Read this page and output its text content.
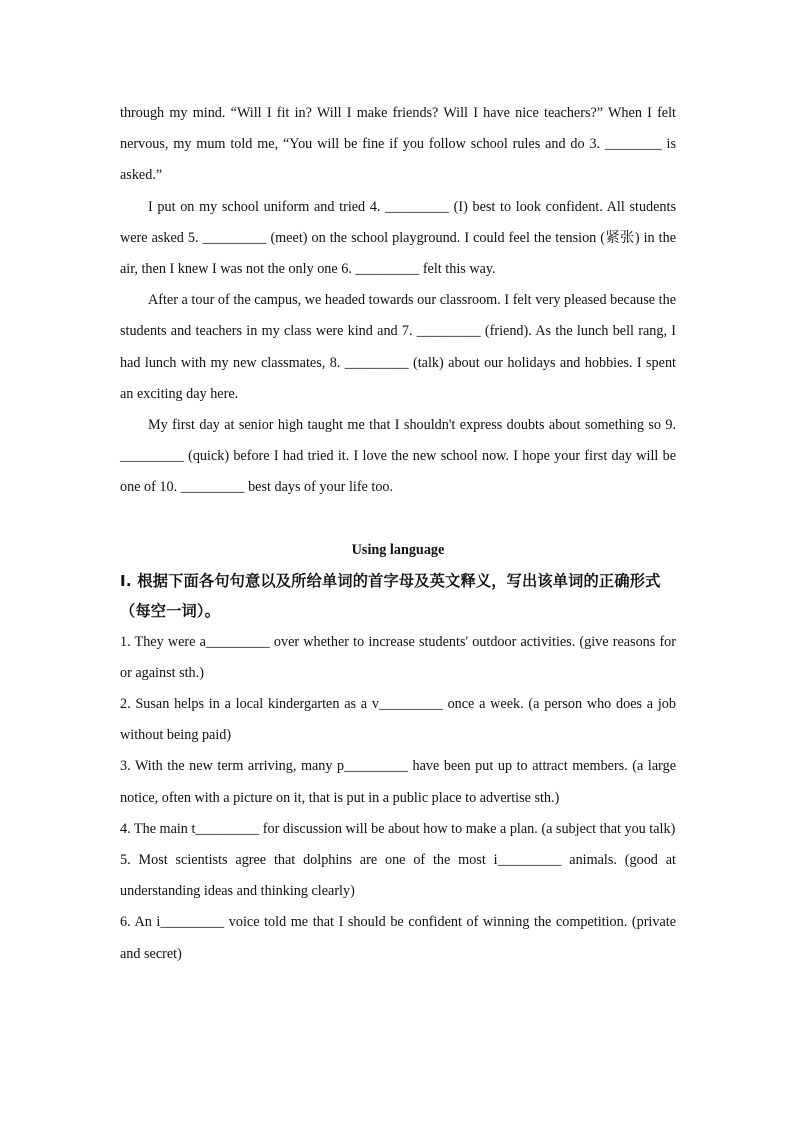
through my mind. “Will I fit in? Will I make friends? Will I have nice teachers?” When I felt nervous, my mum told me, “You will be fine if you follow school rules and do 3. ________ is asked.”

I put on my school uniform and tried 4. _________ (I) best to look confident. All students were asked 5. _________ (meet) on the school playground. I could feel the tension (紧张) in the air, then I knew I was not the only one 6. _________ felt this way.

After a tour of the campus, we headed towards our classroom. I felt very pleased because the students and teachers in my class were kind and 7. _________ (friend). As the lunch bell rang, I had lunch with my new classmates, 8. _________ (talk) about our holidays and hobbies. I spent an exciting day here.

My first day at senior high taught me that I shouldn't express doubts about something so 9. _________ (quick) before I had tried it. I love the new school now. I hope your first day will be one of 10. _________ best days of your life too.

Using language

I. 根据下面各句句意以及所给单词的首字母及英文释义，写出该单词的正确形式（每空一词）。

1. They were a_________ over whether to increase students' outdoor activities. (give reasons for or against sth.)

2. Susan helps in a local kindergarten as a v_________ once a week. (a person who does a job without being paid)

3. With the new term arriving, many p_________ have been put up to attract members. (a large notice, often with a picture on it, that is put in a public place to advertise sth.)

4. The main t_________ for discussion will be about how to make a plan. (a subject that you talk)

5. Most scientists agree that dolphins are one of the most i_________ animals. (good at understanding ideas and thinking clearly)

6. An i_________ voice told me that I should be confident of winning the competition. (private and secret)
